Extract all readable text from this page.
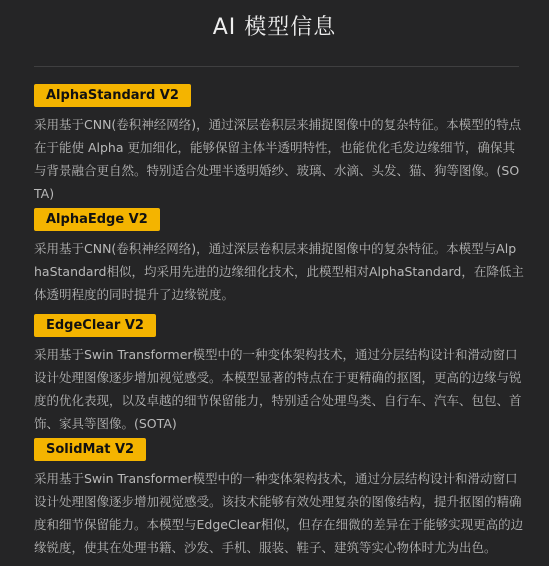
AI 模型信息
AlphaStandard V2
采用基于CNN(卷积神经网络)，通过深层卷积层来捕捉图像中的复杂特征。本模型的特点在于能使 Alpha 更加细化，能够保留主体半透明特性，也能优化毛发边缘细节，确保其与背景融合更自然。特别适合处理半透明婚纱、玻璃、水滴、头发、猫、狗等图像。(SOTA)
AlphaEdge V2
采用基于CNN(卷积神经网络)，通过深层卷积层来捕捉图像中的复杂特征。本模型与AlphaStandard相似，均采用先进的边缘细化技术，此模型相对AlphaStandard，在降低主体透明程度的同时提升了边缘锐度。
EdgeClear V2
采用基于Swin Transformer模型中的一种变体架构技术，通过分层结构设计和滑动窗口设计处理图像逐步增加视觉感受。本模型显著的特点在于更精确的抠图，更高的边缘与锐度的优化表现，以及卓越的细节保留能力，特别适合处理鸟类、自行车、汽车、包包、首饰、家具等图像。(SOTA)
SolidMat V2
采用基于Swin Transformer模型中的一种变体架构技术，通过分层结构设计和滑动窗口设计处理图像逐步增加视觉感受。该技术能够有效处理复杂的图像结构，提升抠图的精确度和细节保留能力。本模型与EdgeClear相似，但存在细微的差异在于能够实现更高的边缘锐度，使其在处理书籍、沙发、手机、服装、鞋子、建筑等实心物体时尤为出色。
